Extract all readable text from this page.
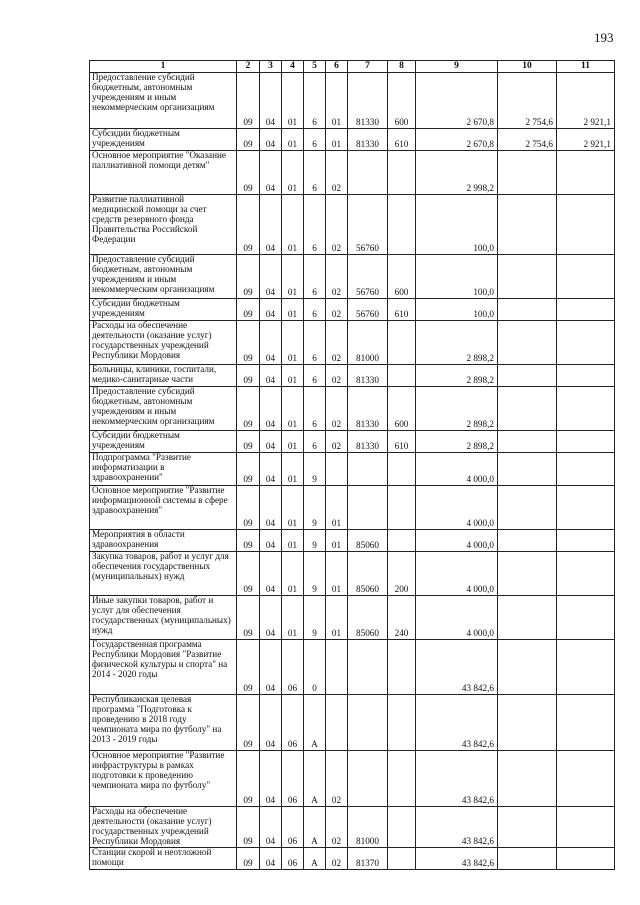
193
1	2	3	4	5	6	7	8	9	10	11
Предоставление субсидий бюджетным, автономным учреждениям и иным некоммерческим организациям	09	04	01	6	01	81330	600	2 670,8	2 754,6	2 921,1
Субсидии бюджетным учреждениям	09	04	01	6	01	81330	610	2 670,8	2 754,6	2 921,1
Основное мероприятие "Оказание паллиативной помощи детям"	09	04	01	6	02			2 998,2		
Развитие паллиативной медицинской помощи за счет средств резервного фонда Правительства Российской Федерации	09	04	01	6	02	56760		100,0		
Предоставление субсидий бюджетным, автономным учреждениям и иным некоммерческим организациям	09	04	01	6	02	56760	600	100,0		
Субсидии бюджетным учреждениям	09	04	01	6	02	56760	610	100,0		
Расходы на обеспечение деятельности (оказание услуг) государственных учреждений Республики Мордовия	09	04	01	6	02	81000		2 898,2		
Больницы, клиники, госпитали, медико-санитарные части	09	04	01	6	02	81330		2 898,2		
Предоставление субсидий бюджетным, автономным учреждениям и иным некоммерческим организациям	09	04	01	6	02	81330	600	2 898,2		
Субсидии бюджетным учреждениям	09	04	01	6	02	81330	610	2 898,2		
Подпрограмма "Развитие информатизации в здравоохранении"	09	04	01	9				4 000,0		
Основное мероприятие "Развитие информационной системы в сфере здравоохранения"	09	04	01	9	01			4 000,0		
Мероприятия в области здравоохранения	09	04	01	9	01	85060		4 000,0		
Закупка товаров, работ и услуг для обеспечения государственных (муниципальных) нужд	09	04	01	9	01	85060	200	4 000,0		
Иные закупки товаров, работ и услуг для обеспечения государственных (муниципальных) нужд	09	04	01	9	01	85060	240	4 000,0		
Государственная программа Республики Мордовия "Развитие физической культуры и спорта" на 2014 - 2020 годы	09	04	06	0				43 842,6		
Республиканская целевая программа "Подготовка к проведению в 2018 году чемпионата мира по футболу" на 2013 - 2019 годы	09	04	06	А				43 842,6		
Основное мероприятие "Развитие инфраструктуры в рамках подготовки к проведению чемпионата мира по футболу"	09	04	06	А	02			43 842,6		
Расходы на обеспечение деятельности (оказание услуг) государственных учреждений Республики Мордовия	09	04	06	А	02	81000		43 842,6		
Станции скорой и неотложной помощи	09	04	06	А	02	81370		43 842,6		
